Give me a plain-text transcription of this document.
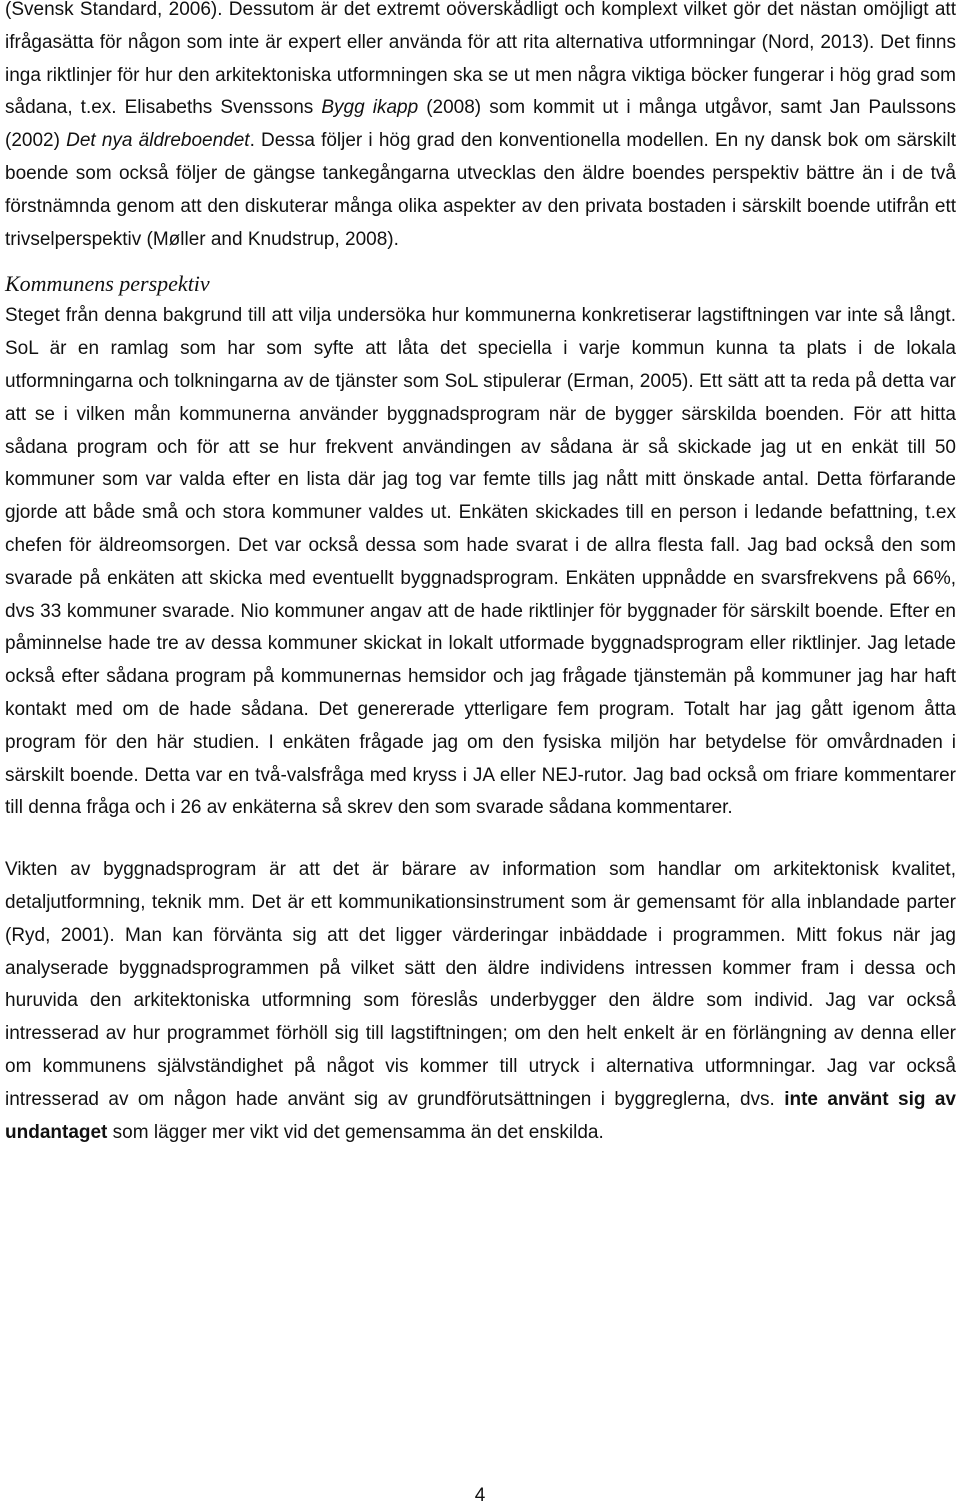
(Svensk Standard, 2006). Dessutom är det extremt oöverskådligt och komplext vilket gör det nästan omöjligt att ifrågasätta för någon som inte är expert eller använda för att rita alternativa utformningar (Nord, 2013). Det finns inga riktlinjer för hur den arkitektoniska utformningen ska se ut men några viktiga böcker fungerar i hög grad som sådana, t.ex. Elisabeths Svenssons Bygg ikapp (2008) som kommit ut i många utgåvor, samt Jan Paulssons (2002) Det nya äldreboendet. Dessa följer i hög grad den konventionella modellen. En ny dansk bok om särskilt boende som också följer de gängse tankegångarna utvecklas den äldre boendes perspektiv bättre än i de två förstnämnda genom att den diskuterar många olika aspekter av den privata bostaden i särskilt boende utifrån ett trivselperspektiv (Møller and Knudstrup, 2008).

Kommunens perspektiv

Steget från denna bakgrund till att vilja undersöka hur kommunerna konkretiserar lagstiftningen var inte så långt. SoL är en ramlag som har som syfte att låta det speciella i varje kommun kunna ta plats i de lokala utformningarna och tolkningarna av de tjänster som SoL stipulerar (Erman, 2005). Ett sätt att ta reda på detta var att se i vilken mån kommunerna använder byggnadsprogram när de bygger särskilda boenden. För att hitta sådana program och för att se hur frekvent användingen av sådana är så skickade jag ut en enkät till 50 kommuner som var valda efter en lista där jag tog var femte tills jag nått mitt önskade antal. Detta förfarande gjorde att både små och stora kommuner valdes ut. Enkäten skickades till en person i ledande befattning, t.ex chefen för äldreomsorgen. Det var också dessa som hade svarat i de allra flesta fall. Jag bad också den som svarade på enkäten att skicka med eventuellt byggnadsprogram. Enkäten uppnådde en svarsfrekvens på 66%, dvs 33 kommuner svarade. Nio kommuner angav att de hade riktlinjer för byggnader för särskilt boende. Efter en påminnelse hade tre av dessa kommuner skickat in lokalt utformade byggnadsprogram eller riktlinjer. Jag letade också efter sådana program på kommunernas hemsidor och jag frågade tjänstemän på kommuner jag har haft kontakt med om de hade sådana. Det genererade ytterligare fem program. Totalt har jag gått igenom åtta program för den här studien. I enkäten frågade jag om den fysiska miljön har betydelse för omvårdnaden i särskilt boende. Detta var en två-valsfråga med kryss i JA eller NEJ-rutor. Jag bad också om friare kommentarer till denna fråga och i 26 av enkäterna så skrev den som svarade sådana kommentarer.

Vikten av byggnadsprogram är att det är bärare av information som handlar om arkitektonisk kvalitet, detaljutformning, teknik mm. Det är ett kommunikationsinstrument som är gemensamt för alla inblandade parter (Ryd, 2001). Man kan förvänta sig att det ligger värderingar inbäddade i programmen. Mitt fokus när jag analyserade byggnadsprogrammen på vilket sätt den äldre individens intressen kommer fram i dessa och huruvida den arkitektoniska utformning som föreslås underbygger den äldre som individ. Jag var också intresserad av hur programmet förhöll sig till lagstiftningen; om den helt enkelt är en förlängning av denna eller om kommunens självständighet på något vis kommer till utryck i alternativa utformningar. Jag var också intresserad av om någon hade använt sig av grundförutsättningen i byggreglerna, dvs. inte använt sig av undantaget som lägger mer vikt vid det gemensamma än det enskilda.

4
